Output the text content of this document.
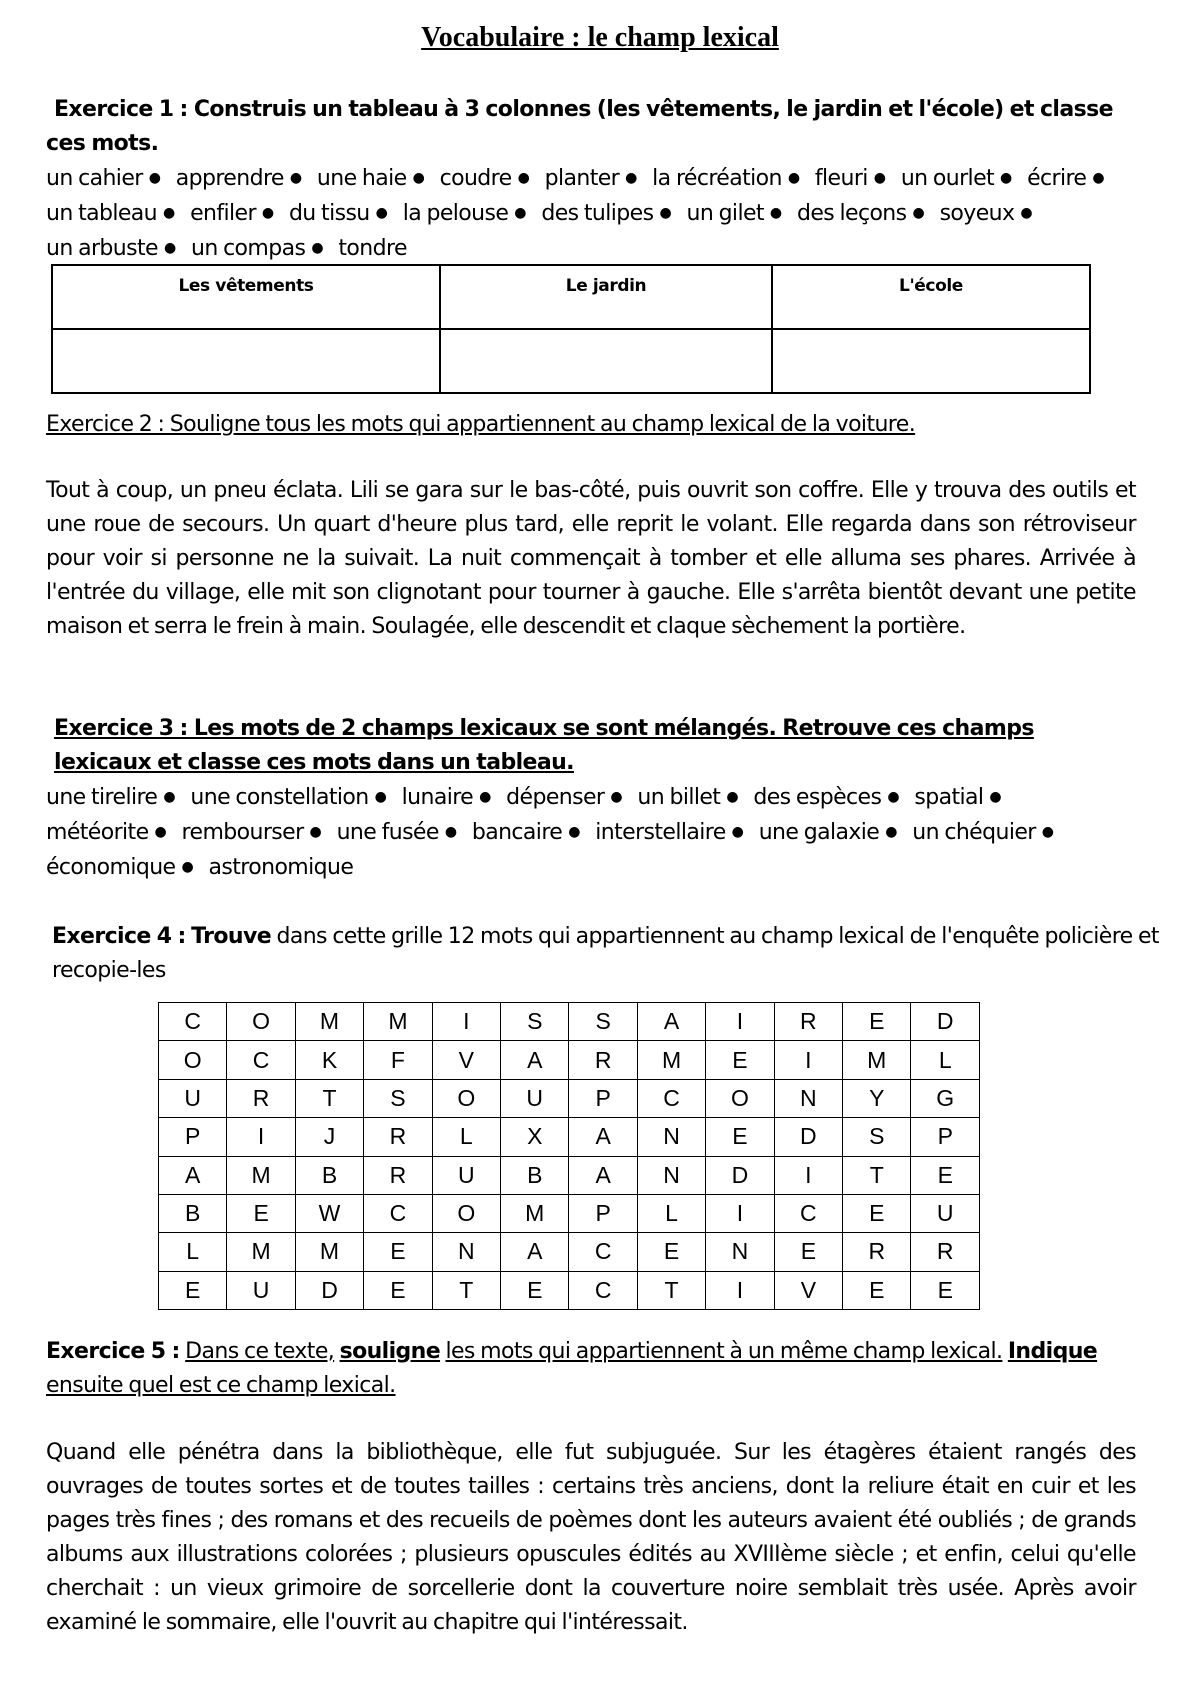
Vocabulaire : le champ lexical
Exercice 1 : Construis un tableau à 3 colonnes (les vêtements, le jardin et l'école) et classe ces mots.
un cahier ● apprendre ● une haie ● coudre ● planter ● la récréation ● fleuri ● un ourlet ● écrire ● un tableau ● enfiler ● du tissu ● la pelouse ● des tulipes ● un gilet ● des leçons ● soyeux ● un arbuste ● un compas ● tondre
Les vêtements	Le jardin	L'école

Exercice 2 : Souligne tous les mots qui appartiennent au champ lexical de la voiture.
Tout à coup, un pneu éclata. Lili se gara sur le bas-côté, puis ouvrit son coffre. Elle y trouva des outils et une roue de secours. Un quart d'heure plus tard, elle reprit le volant. Elle regarda dans son rétroviseur pour voir si personne ne la suivait. La nuit commençait à tomber et elle alluma ses phares. Arrivée à l'entrée du village, elle mit son clignotant pour tourner à gauche. Elle s'arrêta bientôt devant une petite maison et serra le frein à main. Soulagée, elle descendit et claque sèchement la portière.
Exercice 3 : Les mots de 2 champs lexicaux se sont mélangés. Retrouve ces champs lexicaux et classe ces mots dans un tableau.
une tirelire ● une constellation ● lunaire ● dépenser ● un billet ● des espèces ● spatial ● météorite ● rembourser ● une fusée ● bancaire ● interstellaire ● une galaxie ● un chéquier ● économique ● astronomique
Exercice 4 : Trouve dans cette grille 12 mots qui appartiennent au champ lexical de l'enquête policière et recopie-les
C	O	M	M	I	S	S	A	I	R	E	D
O	C	K	F	V	A	R	M	E	I	M	L
U	R	T	S	O	U	P	C	O	N	Y	G
P	I	J	R	L	X	A	N	E	D	S	P
A	M	B	R	U	B	A	N	D	I	T	E
B	E	W	C	O	M	P	L	I	C	E	U
L	M	M	E	N	A	C	E	N	E	R	R
E	U	D	E	T	E	C	T	I	V	E	E
Exercice 5 : Dans ce texte, souligne les mots qui appartiennent à un même champ lexical. Indique ensuite quel est ce champ lexical.
Quand elle pénétra dans la bibliothèque, elle fut subjuguée. Sur les étagères étaient rangés des ouvrages de toutes sortes et de toutes tailles : certains très anciens, dont la reliure était en cuir et les pages très fines ; des romans et des recueils de poèmes dont les auteurs avaient été oubliés ; de grands albums aux illustrations colorées ; plusieurs opuscules édités au XVIIIème siècle ; et enfin, celui qu'elle cherchait : un vieux grimoire de sorcellerie dont la couverture noire semblait très usée. Après avoir examiné le sommaire, elle l'ouvrit au chapitre qui l'intéressait.
